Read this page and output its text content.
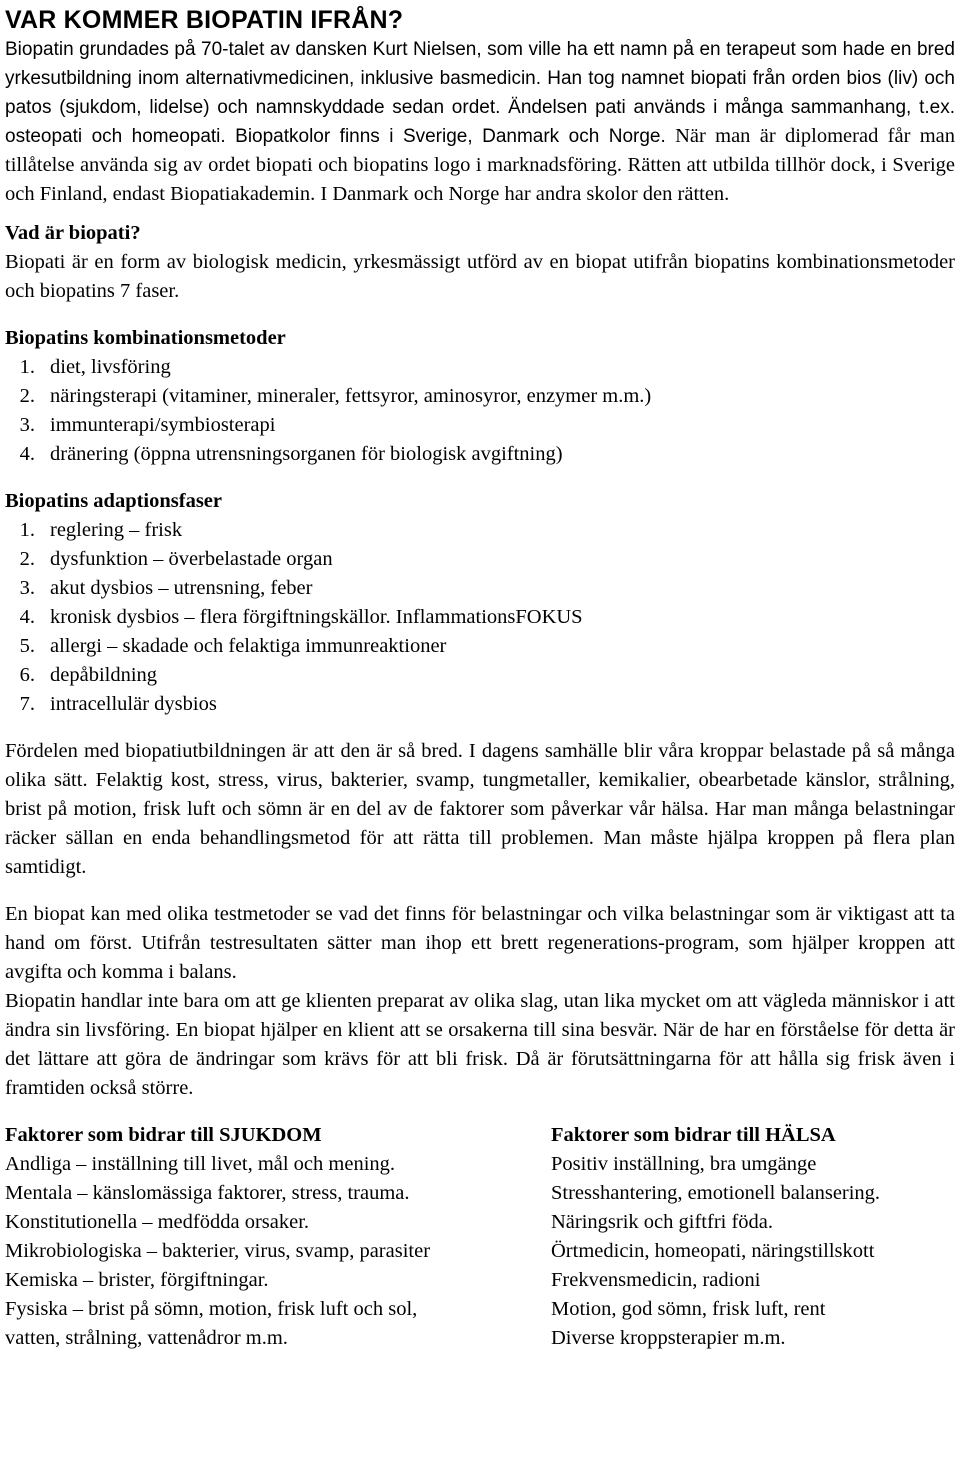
VAR KOMMER BIOPATIN IFRÅN?

Biopatin grundades på 70-talet av dansken Kurt Nielsen, som ville ha ett namn på en terapeut som hade en bred yrkesutbildning inom alternativmedicinen, inklusive basmedicin. Han tog namnet biopati från orden bios (liv) och patos (sjukdom, lidelse) och namnskyddade sedan ordet. Ändelsen pati används i många sammanhang, t.ex. osteopati och homeopati. Biopatkolor finns i Sverige, Danmark och Norge. När man är diplomerad får man tillåtelse använda sig av ordet biopati och biopatins logo i marknadsföring. Rätten att utbilda tillhör dock, i Sverige och Finland, endast Biopatiakademin. I Danmark och Norge har andra skolor den rätten.

Vad är biopati?

Biopati är en form av biologisk medicin, yrkesmässigt utförd av en biopat utifrån biopatins kombinationsmetoder och biopatins 7 faser.

Biopatins kombinationsmetoder

1. diet, livsföring
2. näringsterapi (vitaminer, mineraler, fettsyror, aminosyror, enzymer m.m.)
3. immunterapi/symbiosterapi
4. dränering (öppna utrensningsorganen för biologisk avgiftning)

Biopatins adaptionsfaser

1. reglering – frisk
2. dysfunktion – överbelastade organ
3. akut dysbios – utrensning, feber
4. kronisk dysbios – flera förgiftningskällor. InflammationsFOKUS
5. allergi – skadade och felaktiga immunreaktioner
6. depåbildning
7. intracellulär dysbios

Fördelen med biopatiutbildningen är att den är så bred. I dagens samhälle blir våra kroppar belastade på så många olika sätt. Felaktig kost, stress, virus, bakterier, svamp, tungmetaller, kemikalier, obearbetade känslor, strålning, brist på motion, frisk luft och sömn är en del av de faktorer som påverkar vår hälsa. Har man många belastningar räcker sällan en enda behandlingsmetod för att rätta till problemen. Man måste hjälpa kroppen på flera plan samtidigt.

En biopat kan med olika testmetoder se vad det finns för belastningar och vilka belastningar som är viktigast att ta hand om först. Utifrån testresultaten sätter man ihop ett brett regenerations-program, som hjälper kroppen att avgifta och komma i balans.

Biopatin handlar inte bara om att ge klienten preparat av olika slag, utan lika mycket om att vägleda människor i att ändra sin livsföring. En biopat hjälper en klient att se orsakerna till sina besvär. När de har en förståelse för detta är det lättare att göra de ändringar som krävs för att bli frisk. Då är förutsättningarna för att hålla sig frisk även i framtiden också större.

Faktorer som bidrar till SJUKDOM

Andliga – inställning till livet, mål och mening.

Mentala – känslomässiga faktorer, stress, trauma.

Konstitutionella – medfödda orsaker.

Mikrobiologiska – bakterier, virus, svamp, parasiter

Kemiska – brister, förgiftningar.

Fysiska – brist på sömn, motion, frisk luft och sol,

vatten, strålning, vattenådror m.m.

Faktorer som bidrar till HÄLSA

Positiv inställning, bra umgänge

Stresshantering, emotionell balansering.

Näringsrik och giftfri föda.

Örtmedicin, homeopati, näringstillskott

Frekvensmedicin, radioni

Motion, god sömn, frisk luft, rent

Diverse kroppsterapier m.m.
